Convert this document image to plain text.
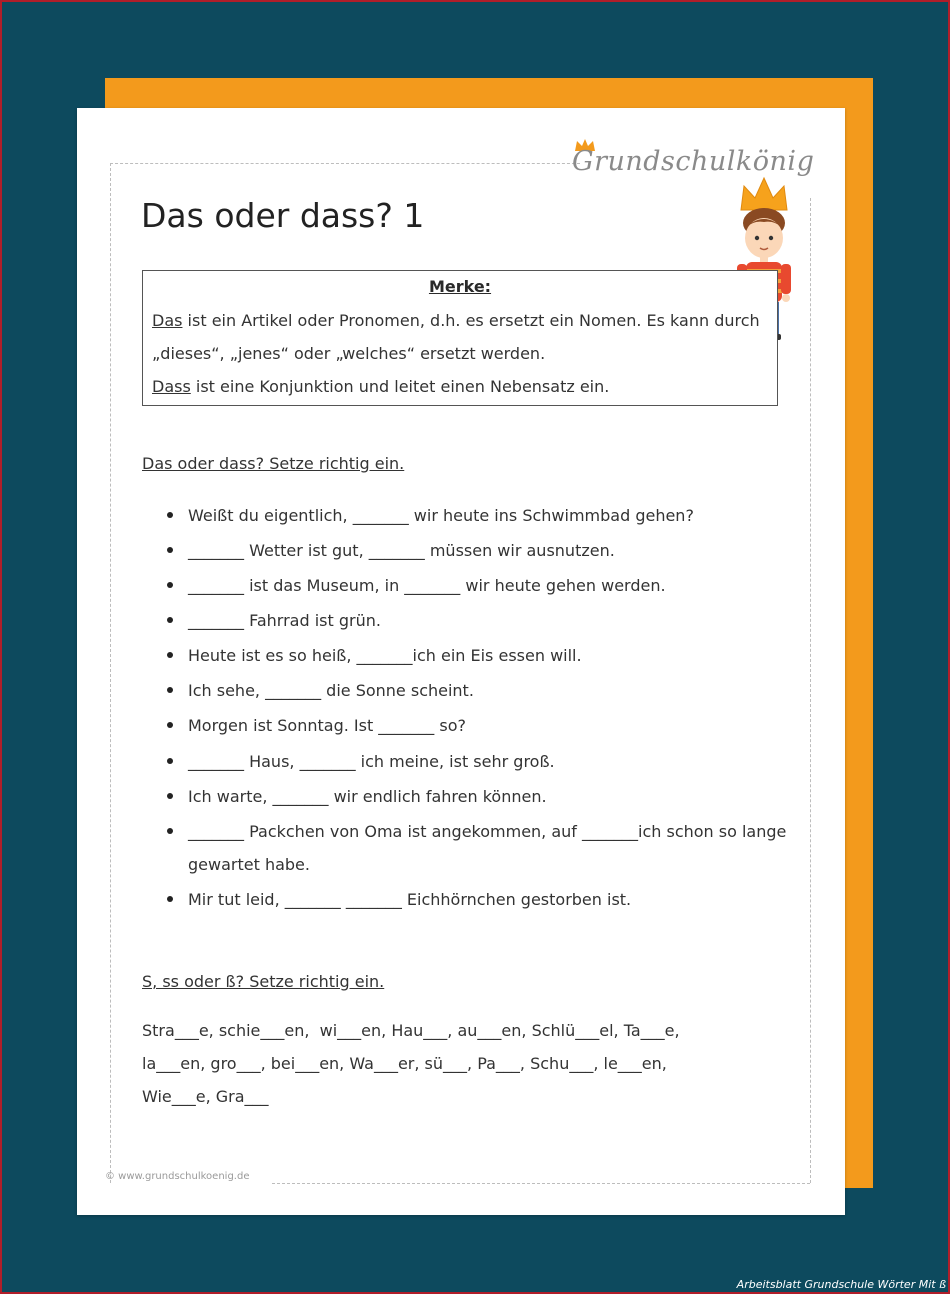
Grundschulkönig
Das oder dass? 1
Merke:
Das ist ein Artikel oder Pronomen, d.h. es ersetzt ein Nomen. Es kann durch
„dieses“, „jenes“ oder „welches“ ersetzt werden.
Dass ist eine Konjunktion und leitet einen Nebensatz ein.
Das oder dass? Setze richtig ein.
Weißt du eigentlich, _______ wir heute ins Schwimmbad gehen?
_______ Wetter ist gut, _______ müssen wir ausnutzen.
_______ ist das Museum, in _______ wir heute gehen werden.
_______ Fahrrad ist grün.
Heute ist es so heiß, _______ich ein Eis essen will.
Ich sehe, _______ die Sonne scheint.
Morgen ist Sonntag. Ist _______ so?
_______ Haus, _______ ich meine, ist sehr groß.
Ich warte, _______ wir endlich fahren können.
_______ Packchen von Oma ist angekommen, auf _______ich schon so lange
gewartet habe.
Mir tut leid, _______ _______ Eichhörnchen gestorben ist.
S, ss oder ß? Setze richtig ein.
Stra___e, schie___en,  wi___en, Hau___, au___en, Schlü___el, Ta___e,
la___en, gro___, bei___en, Wa___er, sü___, Pa___, Schu___, le___en,
Wie___e, Gra___
© www.grundschulkoenig.de
Arbeitsblatt Grundschule Wörter Mit ß
